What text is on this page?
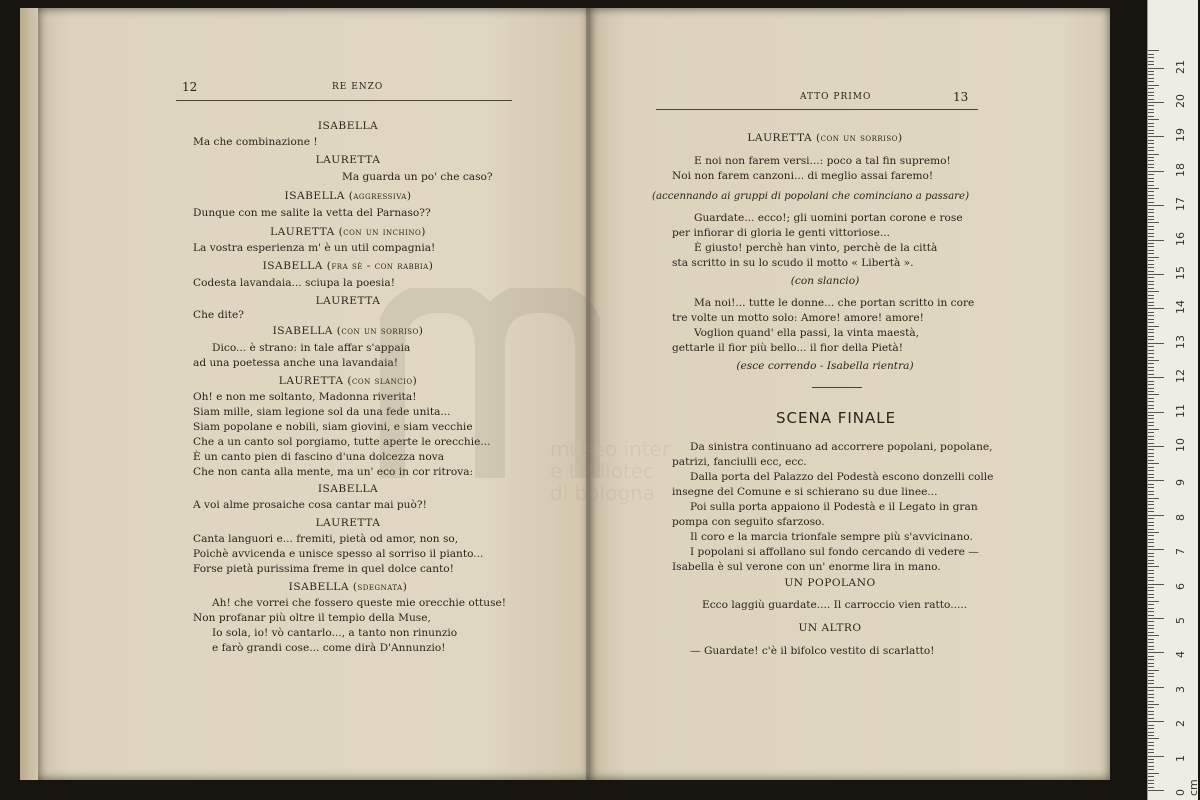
12	RE ENZO
ISABELLA
Ma che combinazione !
LAURETTA
Ma guarda un po' che caso?
ISABELLA (aggressiva)
Dunque con me salite la vetta del Parnaso??
LAURETTA (con un inchino)
La vostra esperienza m' è un util compagnia!
ISABELLA (fra sè - con rabbia)
Codesta lavandaia... sciupa la poesia!
LAURETTA
Che dite?
ISABELLA (con un sorriso)
Dico... è strano: in tale affar s'appaia
ad una poetessa anche una lavandaia!
LAURETTA (con slancio)
Oh! e non me soltanto, Madonna riverita!
Siam mille, siam legione sol da una fede unita...
Siam popolane e nobili, siam giovini, e siam vecchie
Che a un canto sol porgiamo, tutte aperte le orecchie...
È un canto pien di fascino d'una dolcezza nova
Che non canta alla mente, ma un' eco in cor ritrova:
ISABELLA
A voi alme prosaiche cosa cantar mai può?!
LAURETTA
Canta languori e... fremiti, pietà od amor, non so,
Poichè avvicenda e unisce spesso al sorriso il pianto...
Forse pietà purissima freme in quel dolce canto!
ISABELLA (sdegnata)
Ah! che vorrei che fossero queste mie orecchie ottuse!
Non profanar più oltre il tempio della Muse,
Io sola, io! vò cantarlo..., a tanto non rinunzio
e farò grandi cose... come dirà D'Annunzio!
ATTO PRIMO	13
LAURETTA (con un sorriso)
E noi non farem versi...: poco a tal fin supremo!
Noi non farem canzoni... di meglio assai faremo!
(accennando ai gruppi di popolani che cominciano a passare)
Guardate... ecco!; gli uomini portan corone e rose
per infiorar di gloria le genti vittoriose...
È giusto! perchè han vinto, perchè de la città
sta scritto in su lo scudo il motto « Libertà ».
(con slancio)
Ma noi!... tutte le donne... che portan scritto in core
tre volte un motto solo: Amore! amore! amore!
Voglion quand' ella passi, la vinta maestà,
gettarle il fior più bello... il fior della Pietà!
(esce correndo - Isabella rientra)
SCENA FINALE
Da sinistra continuano ad accorrere popolani, popolane,
patrizi, fanciulli ecc, ecc.
Dalla porta del Palazzo del Podestà escono donzelli colle
insegne del Comune e si schierano su due linee...
Poi sulla porta appaiono il Podestà e il Legato in gran
pompa con seguito sfarzoso.
Il coro e la marcia trionfale sempre più s'avvicinano.
I popolani si affollano sul fondo cercando di vedere —
Isabella è sul verone con un' enorme lira in mano.
UN POPOLANO
Ecco laggiù guardate.... Il carroccio vien ratto.....
UN ALTRO
— Guardate! c'è il bifolco vestito di scarlatto!
0 cm
1
2
3
4
5
6
7
8
9
10
11
12
13
14
15
16
17
18
19
20
21
